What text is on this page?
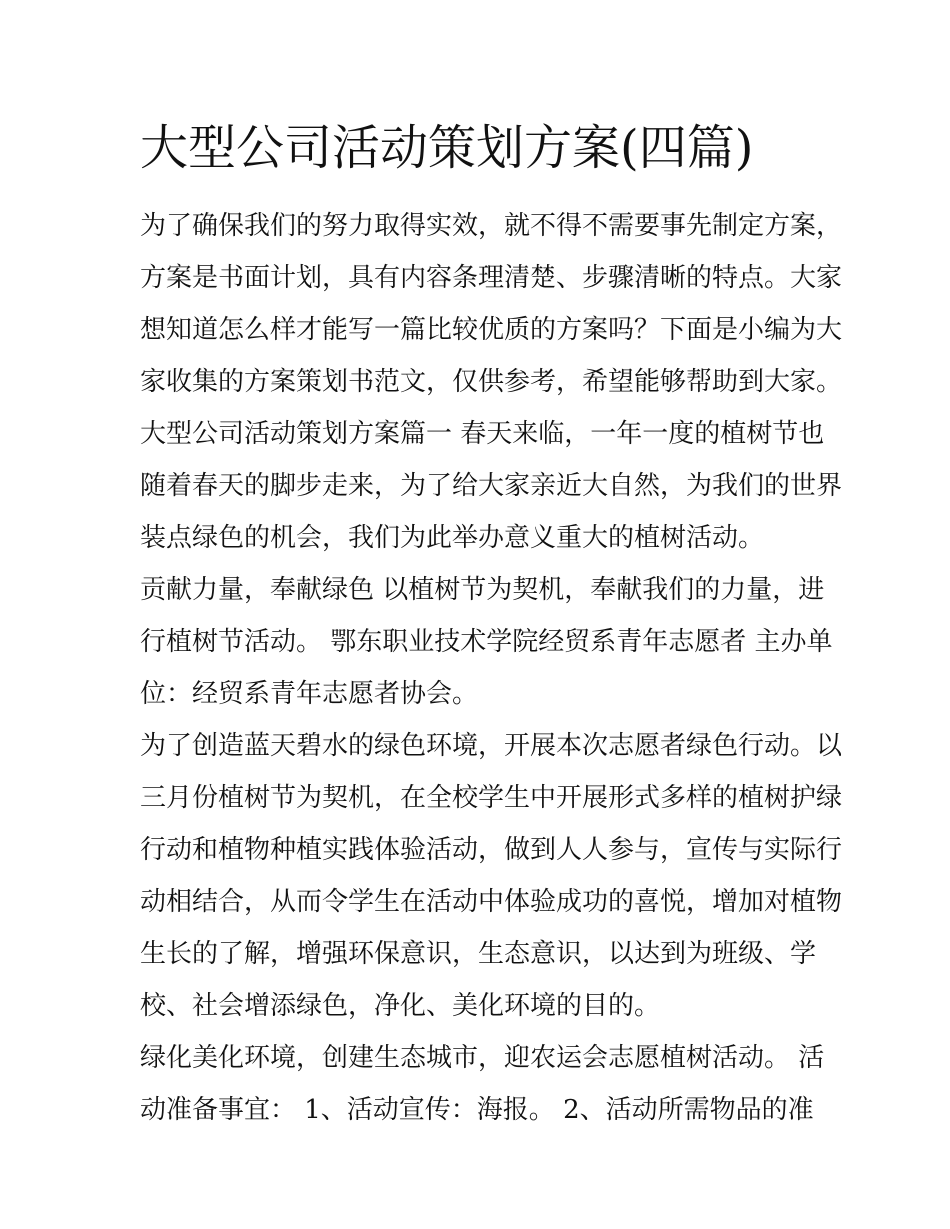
大型公司活动策划方案(四篇)
为了确保我们的努力取得实效，就不得不需要事先制定方案，
方案是书面计划，具有内容条理清楚、步骤清晰的特点。大家
想知道怎么样才能写一篇比较优质的方案吗？下面是小编为大
家收集的方案策划书范文，仅供参考，希望能够帮助到大家。
大型公司活动策划方案篇一 春天来临，一年一度的植树节也
随着春天的脚步走来，为了给大家亲近大自然，为我们的世界
装点绿色的机会，我们为此举办意义重大的植树活动。
贡献力量，奉献绿色 以植树节为契机，奉献我们的力量，进
行植树节活动。 鄂东职业技术学院经贸系青年志愿者 主办单
位：经贸系青年志愿者协会。
为了创造蓝天碧水的绿色环境，开展本次志愿者绿色行动。以
三月份植树节为契机，在全校学生中开展形式多样的植树护绿
行动和植物种植实践体验活动，做到人人参与，宣传与实际行
动相结合，从而令学生在活动中体验成功的喜悦，增加对植物
生长的了解，增强环保意识，生态意识，以达到为班级、学
校、社会增添绿色，净化、美化环境的目的。
绿化美化环境，创建生态城市，迎农运会志愿植树活动。 活
动准备事宜： 1、活动宣传：海报。 2、活动所需物品的准
